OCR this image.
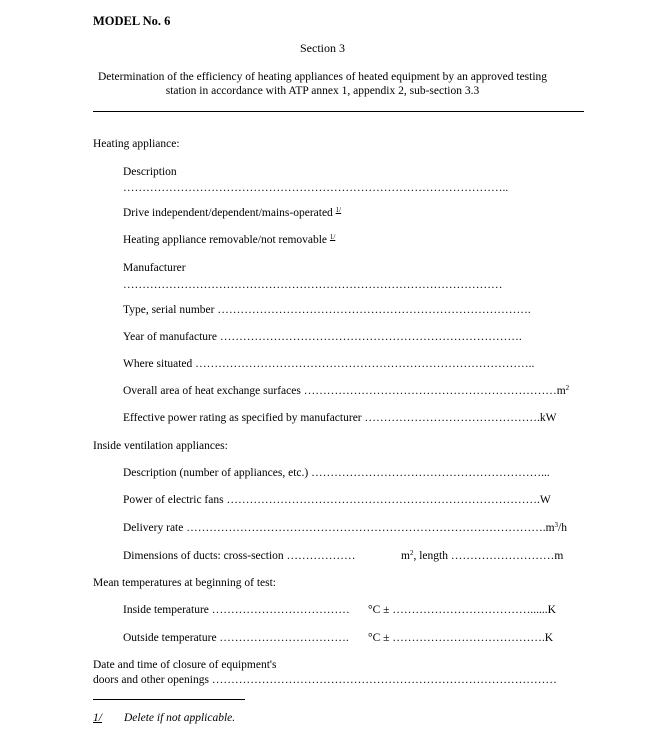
MODEL No. 6
Section 3
Determination of the efficiency of heating appliances of heated equipment by an approved testing
station in accordance with ATP annex 1, appendix 2, sub-section 3.3
Heating appliance:
Description
………………………………………………………………………………………..
Drive independent/dependent/mains-operated $^{1/}$
Heating appliance removable/not removable $^{1/}$
Manufacturer
………………………………………………………………………………………
Type, serial number ……………………………………………………………………….
Year of manufacture …………………………………………………………………….
Where situated ……………………………………………………………………………..
Overall area of heat exchange surfaces $\dots\dots\dots\dots\dots\dots\dots\dots\dots\dots\dots\dots\dots\dots\dots\dots\dots\dots\dots\dots\dots\dots m^2$
Effective power rating as specified by manufacturer ……………………………………….kW
Inside ventilation appliances:
Description (number of appliances, etc.) ……………………………………………………...
Power of electric fans ……………………………………………………………………….W
Delivery rate $\dots\dots\dots\dots\dots\dots\dots\dots\dots\dots\dots\dots\dots\dots\dots\dots\dots\dots\dots\dots\dots\dots\dots\dots\dots\dots\dots\dots\dots\dots\dots.m^3/h$
Dimensions of ducts: cross-section ………………	$m^2$, length ………………………m
Mean temperatures at beginning of test:
Inside temperature ……………………………… °C ± ………………………………......K
Outside temperature ……………………………. °C ± ………………………………….K
Date and time of closure of equipment's
doors and other openings ………………………………………………………………………………
1/ Delete if not applicable.
